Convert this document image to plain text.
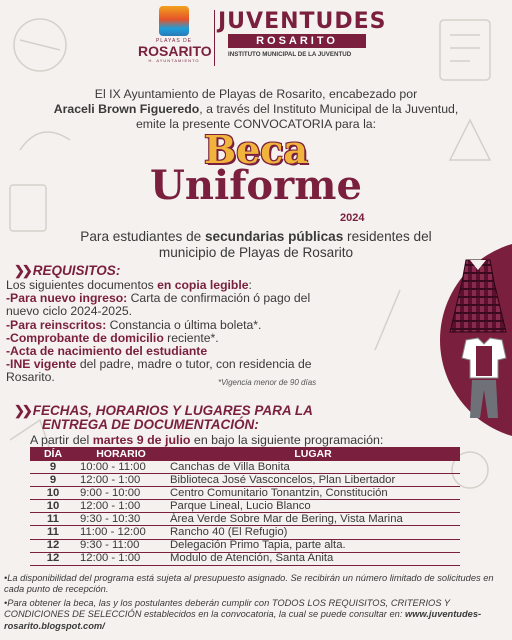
PLAYAS DE
ROSARITO
H. AYUNTAMIENTO
JUVENTUDES
ROSARITO
INSTITUTO MUNICIPAL DE LA JUVENTUD
El IX Ayuntamiento de Playas de Rosarito, encabezado por
Araceli Brown Figueredo, a través del Instituto Municipal de la Juventud,
emite la presente CONVOCATORIA para la:
Beca
Uniforme
2024
Para estudiantes de secundarias públicas residentes del
municipio de Playas de Rosarito
❯❯ REQUISITOS:

Los siguientes documentos en copia legible:

-Para nuevo ingreso: Carta de confirmación ó pago del nuevo ciclo 2024-2025.

-Para reinscritos: Constancia o última boleta*.

-Comprobante de domicilio reciente*.

-Acta de nacimiento del estudiante

-INE vigente del padre, madre o tutor, con residencia de Rosarito.	*Vigencia menor de 90 días
❯❯ FECHAS, HORARIOS Y LUGARES PARA LA
ENTREGA DE DOCUMENTACIÓN:
A partir del martes 9 de julio en bajo la siguiente programación:
DÍA	HORARIO	LUGAR
9	10:00 - 11:00	Canchas de Villa Bonita
9	12:00 - 1:00	Biblioteca José Vasconcelos, Plan Libertador
10	9:00 - 10:00	Centro Comunitario Tonantzin, Constitución
10	12:00 - 1:00	Parque Lineal, Lucio Blanco
11	9:30 - 10:30	Área Verde Sobre Mar de Bering, Vista Marina
11	11:00 - 12:00	Rancho 40 (El Refugio)
12	9:30 - 11:00	Delegación Primo Tapia, parte alta.
12	12:00 - 1:00	Modulo de Atención, Santa Anita

•La disponibilidad del programa está sujeta al presupuesto asignado. Se recibirán un número limitado de solicitudes en cada punto de recepción.

•Para obtener la beca, las y los postulantes deberán cumplir con TODOS LOS REQUISITOS, CRITERIOS Y CONDICIONES DE SELECCIÓN establecidos en la convocatoria, la cual se puede consultar en: www.juventudes-rosarito.blogspot.com/
